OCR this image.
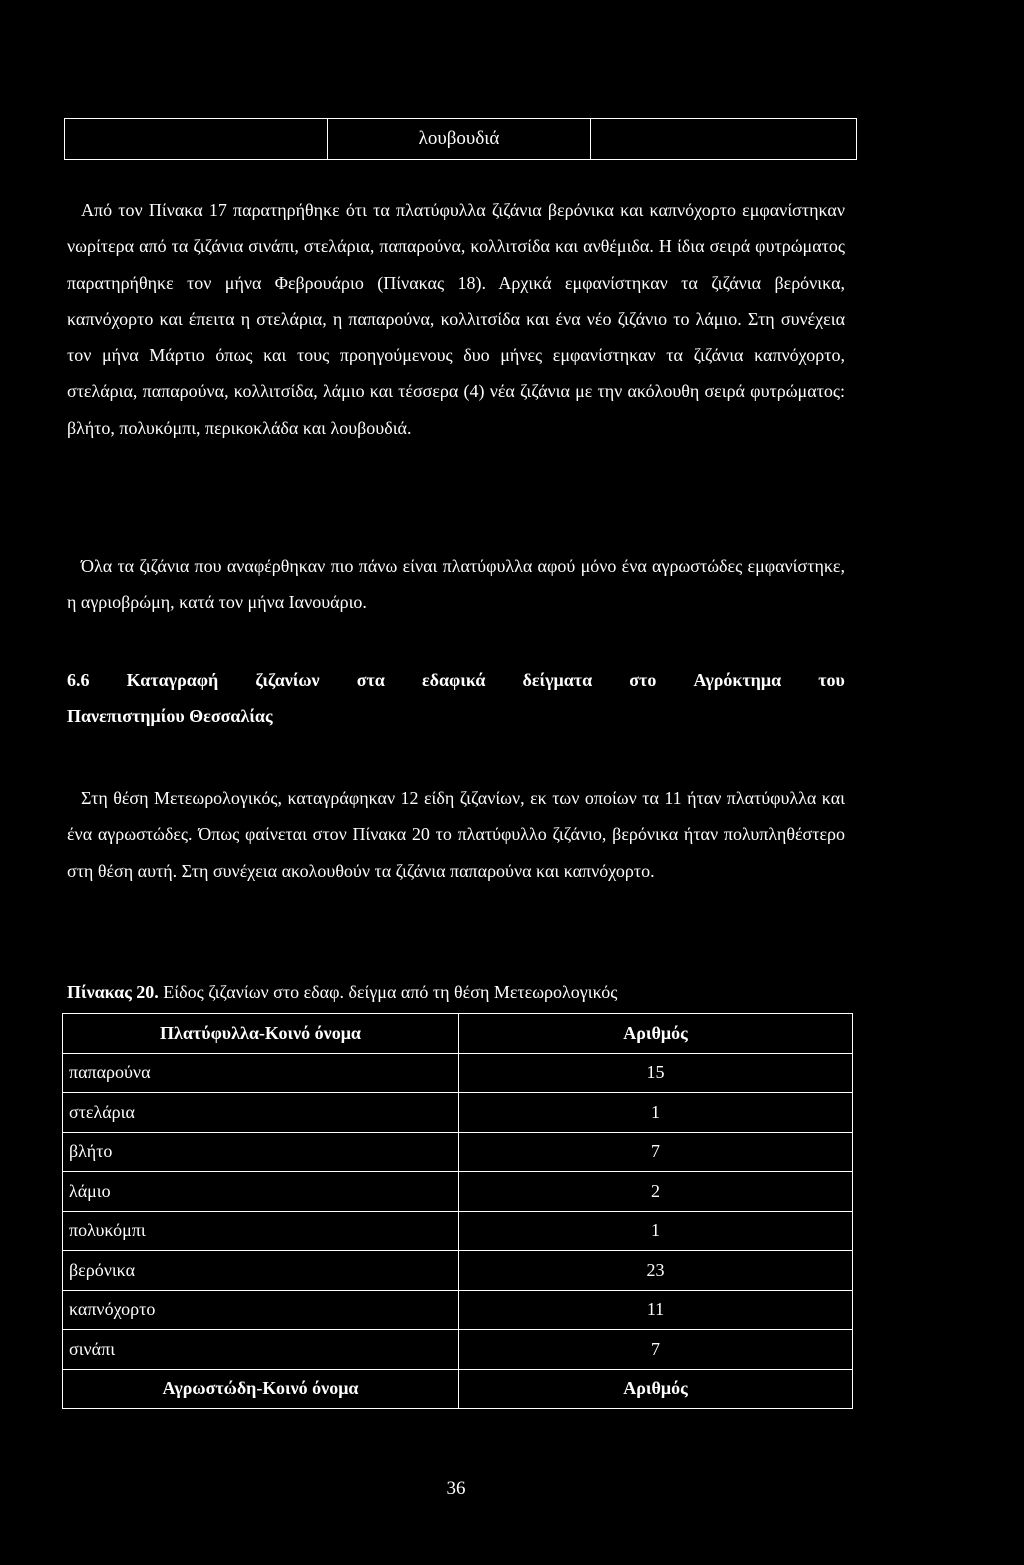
	λουβουδιά	

Από τον Πίνακα 17 παρατηρήθηκε ότι τα πλατύφυλλα ζιζάνια βερόνικα και καπνόχορτο εμφανίστηκαν νωρίτερα από τα ζιζάνια σινάπι, στελάρια, παπαρούνα, κολλιτσίδα και ανθέμιδα. Η ίδια σειρά φυτρώματος παρατηρήθηκε τον μήνα Φεβρουάριο (Πίνακας 18). Αρχικά εμφανίστηκαν τα ζιζάνια βερόνικα, καπνόχορτο και έπειτα η στελάρια, η παπαρούνα, κολλιτσίδα και ένα νέο ζιζάνιο το λάμιο. Στη συνέχεια τον μήνα Μάρτιο όπως και τους προηγούμενους δυο μήνες εμφανίστηκαν τα ζιζάνια καπνόχορτο, στελάρια, παπαρούνα, κολλιτσίδα, λάμιο και τέσσερα (4) νέα ζιζάνια με την ακόλουθη σειρά φυτρώματος: βλήτο, πολυκόμπι, περικοκλάδα και λουβουδιά.

Όλα τα ζιζάνια που αναφέρθηκαν πιο πάνω είναι πλατύφυλλα αφού μόνο ένα αγρωστώδες εμφανίστηκε, η αγριοβρώμη, κατά τον μήνα Ιανουάριο.

6.6 Καταγραφή ζιζανίων στα εδαφικά δείγματα στο Αγρόκτημα του
Πανεπιστημίου Θεσσαλίας

Στη θέση Μετεωρολογικός, καταγράφηκαν 12 είδη ζιζανίων, εκ των οποίων τα 11 ήταν πλατύφυλλα και ένα αγρωστώδες. Όπως φαίνεται στον Πίνακα 20 το πλατύφυλλο ζιζάνιο, βερόνικα ήταν πολυπληθέστερο στη θέση αυτή. Στη συνέχεια ακολουθούν τα ζιζάνια παπαρούνα και καπνόχορτο.

Πίνακας 20. Είδος ζιζανίων στο εδαφ. δείγμα από τη θέση Μετεωρολογικός

Πλατύφυλλα-Κοινό όνομα	Αριθμός
παπαρούνα	15
στελάρια	1
βλήτο	7
λάμιο	2
πολυκόμπι	1
βερόνικα	23
καπνόχορτο	11
σινάπι	7
Αγρωστώδη-Κοινό όνομα	Αριθμός
36
